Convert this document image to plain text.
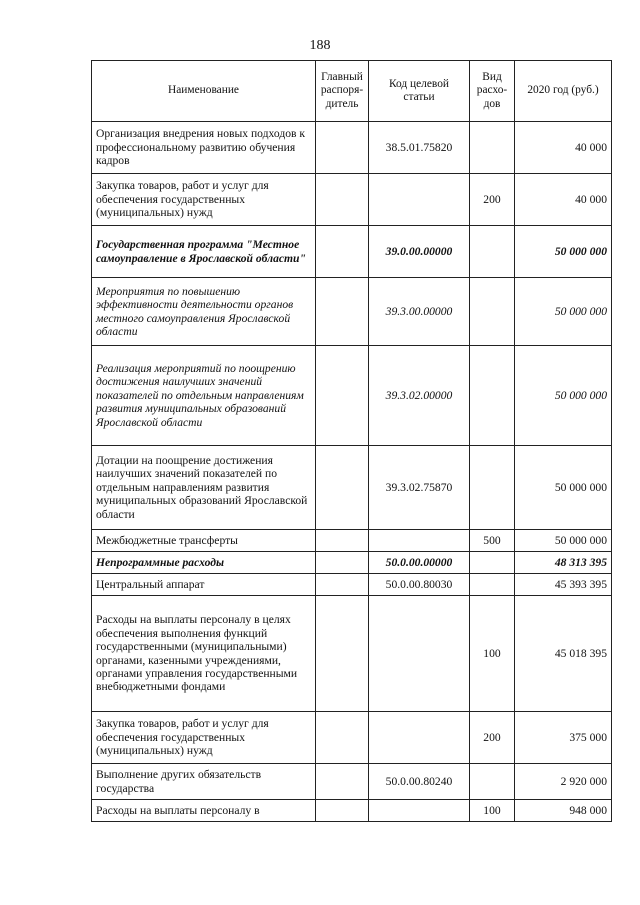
188
Наименование	Главный распоря-дитель	Код целевой статьи	Вид расхо-дов	2020 год (руб.)
Организация внедрения новых подходов к профессиональному развитию обучения кадров		38.5.01.75820		40 000
Закупка товаров, работ и услуг для обеспечения государственных (муниципальных) нужд			200	40 000
Государственная программа "Местное самоуправление в Ярославской области"		39.0.00.00000		50 000 000
Мероприятия по повышению эффективности деятельности органов местного самоуправления Ярославской области		39.3.00.00000		50 000 000
Реализация мероприятий по поощрению достижения наилучших значений показателей по отдельным направлениям развития муниципальных образований Ярославской области		39.3.02.00000		50 000 000
Дотации на поощрение достижения наилучших значений показателей по отдельным направлениям развития муниципальных образований Ярославской области		39.3.02.75870		50 000 000
Межбюджетные трансферты			500	50 000 000
Непрограммные расходы		50.0.00.00000		48 313 395
Центральный аппарат		50.0.00.80030		45 393 395
Расходы на выплаты персоналу в целях обеспечения выполнения функций государственными (муниципальными) органами, казенными учреждениями, органами управления государственными внебюджетными фондами			100	45 018 395
Закупка товаров, работ и услуг для обеспечения государственных (муниципальных) нужд			200	375 000
Выполнение других обязательств государства		50.0.00.80240		2 920 000
Расходы на выплаты персоналу в			100	948 000
